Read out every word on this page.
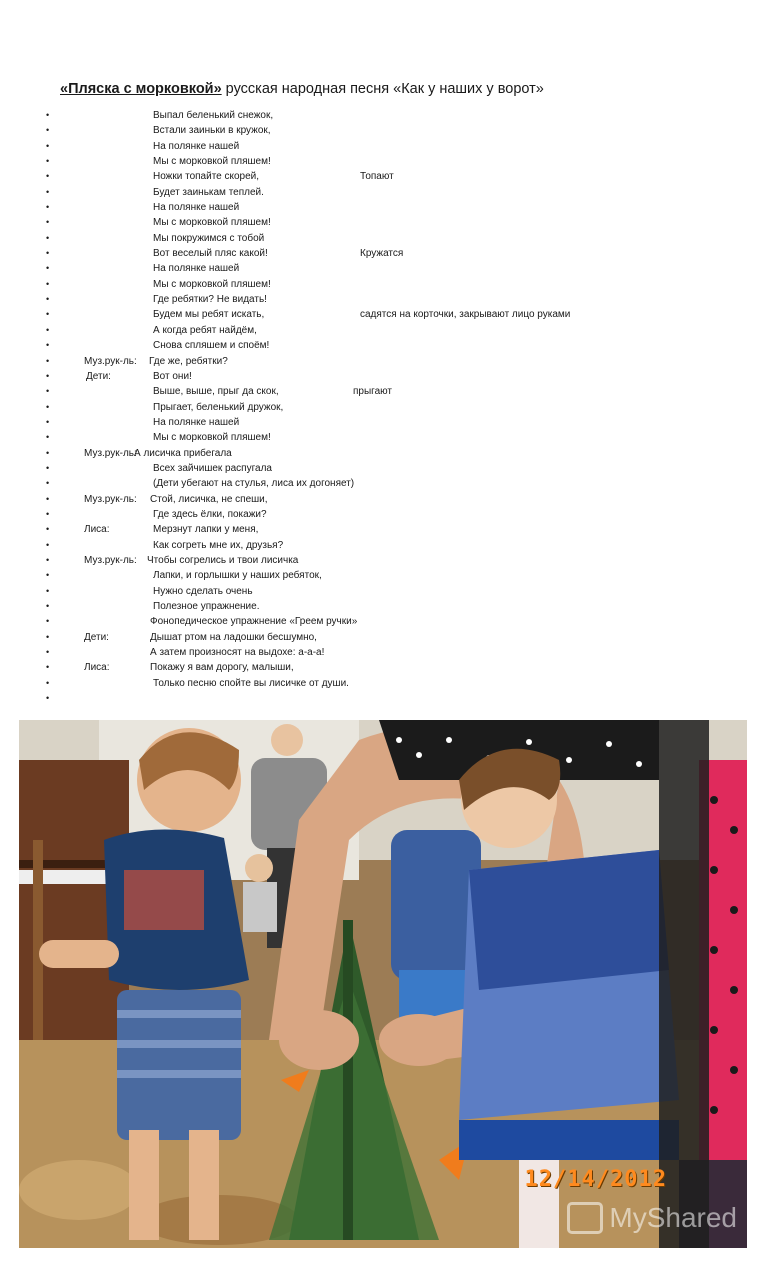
«Пляска с морковкой» русская народная песня «Как у наших у ворот»
•	Выпал беленький снежок,
•	Встали заиньки в кружок,
•	На полянке нашей
•	Мы с морковкой пляшем!
•	Ножки топайте скорей,	Топают
•	Будет заинькам теплей.
•	На полянке нашей
•	Мы с морковкой пляшем!
•	Мы покружимся с тобой
•	Вот веселый пляс какой!	Кружатся
•	На полянке нашей
•	Мы с морковкой пляшем!
•	Где ребятки? Не видать!
•	Будем мы ребят искать,	садятся на корточки, закрывают лицо руками
•	А когда ребят найдём,
•	Снова спляшем и споём!
•	Муз.рук-ль: Где же, ребятки?
•	Дети:	Вот они!
•	Выше, выше, прыг да скок,	прыгают
•	Прыгает, беленький дружок,
•	На полянке нашей
•	Мы с морковкой пляшем!
•	Муз.рук-ль:
А лисичка прибегала
•	Всех зайчишек распугала
•	(Дети убегают на стулья, лиса их догоняет)
•	Муз.рук-ль: Стой, лисичка, не спеши,
•	Где здесь ёлки, покажи?
•	Лиса:	Мерзнут лапки у меня,
•	Как согреть мне их, друзья?
•	Муз.рук-ль: Чтобы согрелись и твои лисичка
•	Лапки, и горлышки у наших ребяток,
•	Нужно сделать очень
•	Полезное упражнение.
•	Фонопедическое упражнение «Греем ручки»
•	Дети:	Дышат ртом на ладошки бесшумно,
•	А затем произносят на выдохе: а-а-а!
•	Лиса:	Покажу я вам дорогу, малыши,
•	Только песню спойте вы лисичке от души.
•
12/14/2012
MyShared
